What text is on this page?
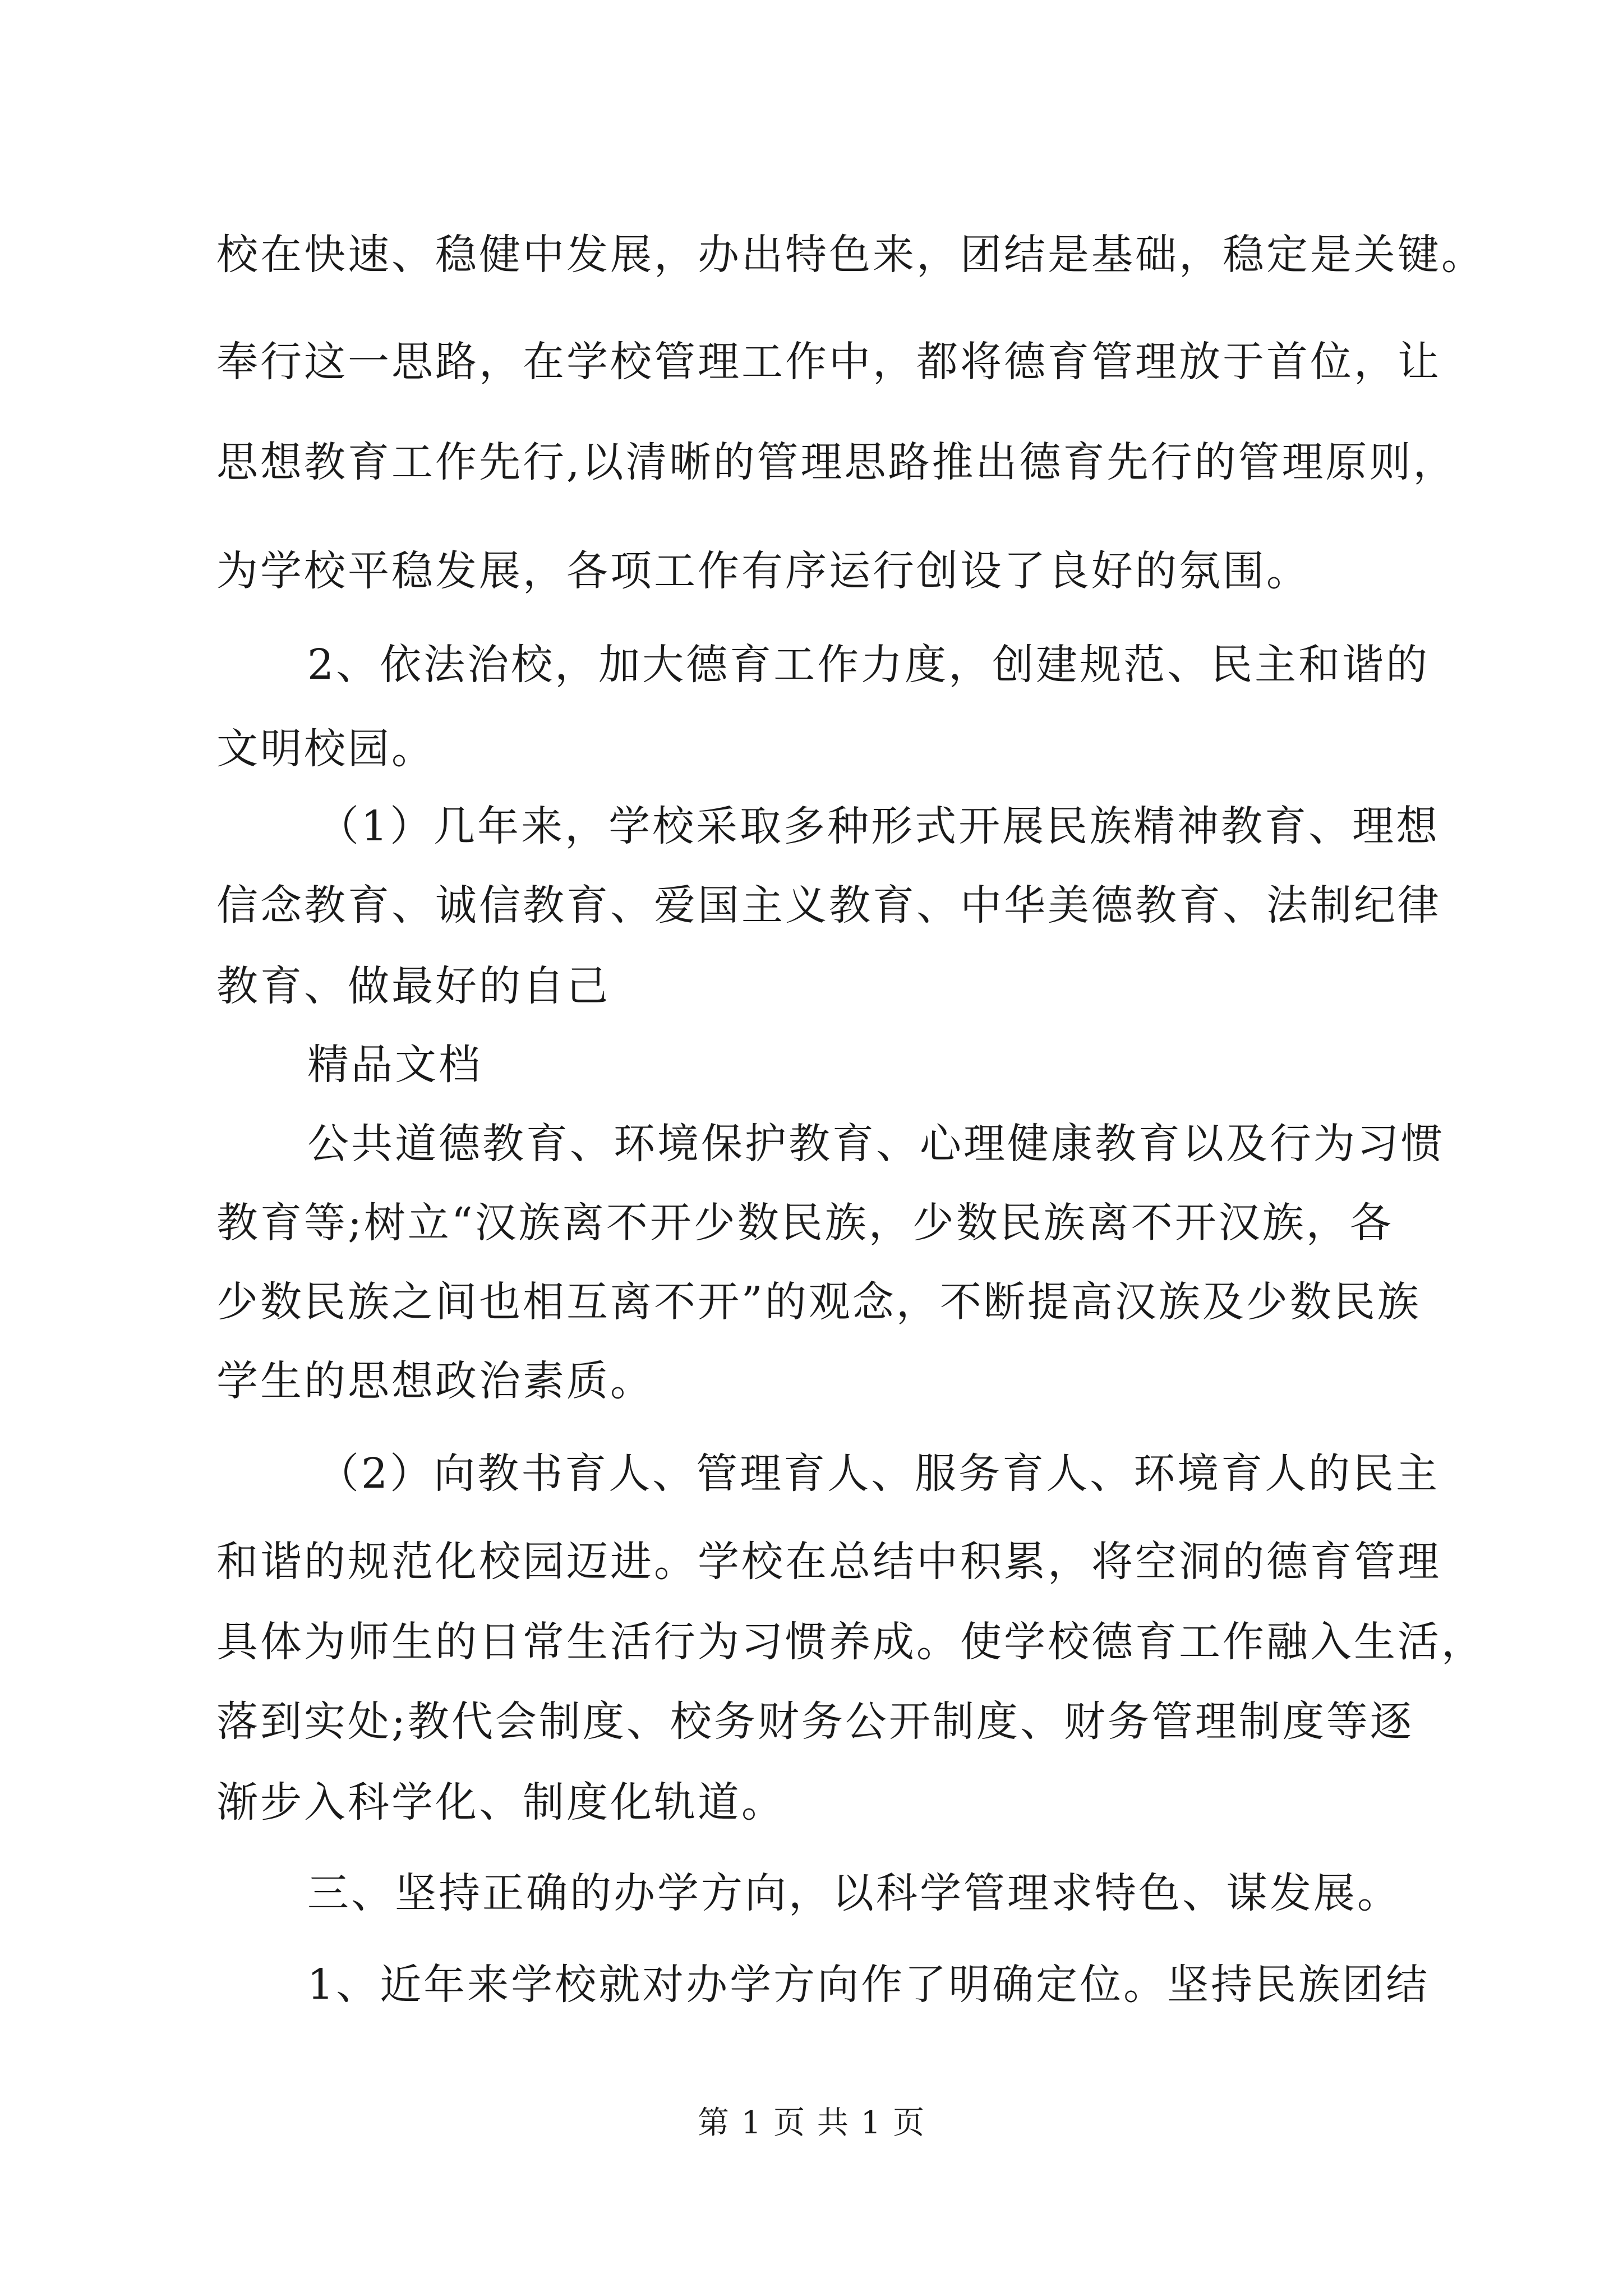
校在快速、稳健中发展，办出特色来，团结是基础，稳定是关键。
奉行这一思路，在学校管理工作中，都将德育管理放于首位，让
思想教育工作先行,以清晰的管理思路推出德育先行的管理原则，
为学校平稳发展，各项工作有序运行创设了良好的氛围。
2、依法治校，加大德育工作力度，创建规范、民主和谐的
文明校园。
（1）几年来，学校采取多种形式开展民族精神教育、理想
信念教育、诚信教育、爱国主义教育、中华美德教育、法制纪律
教育、做最好的自己
精品文档
公共道德教育、环境保护教育、心理健康教育以及行为习惯
教育等;树立“汉族离不开少数民族，少数民族离不开汉族，各
少数民族之间也相互离不开”的观念，不断提高汉族及少数民族
学生的思想政治素质。
（2）向教书育人、管理育人、服务育人、环境育人的民主
和谐的规范化校园迈进。学校在总结中积累，将空洞的德育管理
具体为师生的日常生活行为习惯养成。使学校德育工作融入生活，
落到实处;教代会制度、校务财务公开制度、财务管理制度等逐
渐步入科学化、制度化轨道。
三、坚持正确的办学方向，以科学管理求特色、谋发展。
1、近年来学校就对办学方向作了明确定位。坚持民族团结
第 1 页 共 1 页
